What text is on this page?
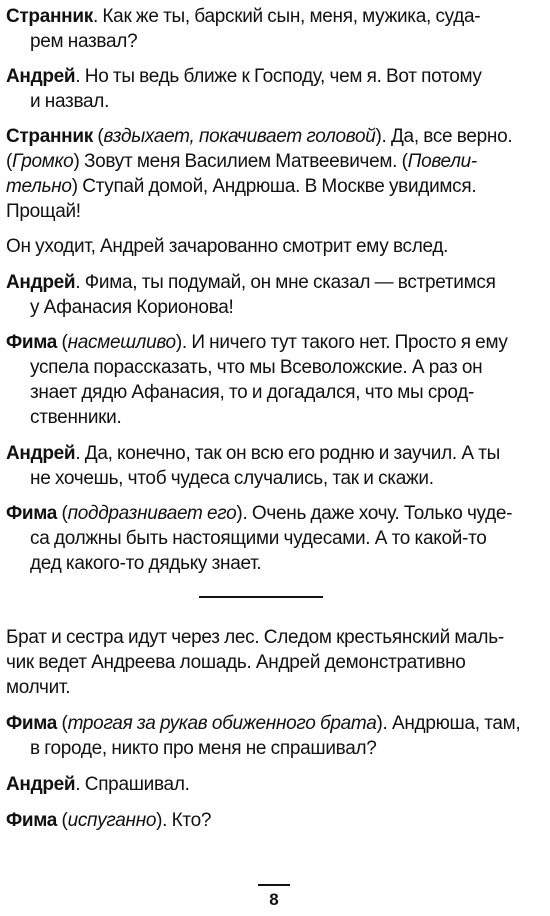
Странник. Как же ты, барский сын, меня, мужика, суда-
рем назвал?
Андрей. Но ты ведь ближе к Господу, чем я. Вот потому
и назвал.
Странник (вздыхает, покачивает головой). Да, все верно.
(Громко) Зовут меня Василием Матвеевичем. (Повели-
тельно) Ступай домой, Андрюша. В Москве увидимся.
Прощай!
Он уходит, Андрей зачарованно смотрит ему вслед.
Андрей. Фима, ты подумай, он мне сказал — встретимся
у Афанасия Корионова!
Фима (насмешливо). И ничего тут такого нет. Просто я ему
успела порассказать, что мы Всеволожские. А раз он
знает дядю Афанасия, то и догадался, что мы срод-
ственники.
Андрей. Да, конечно, так он всю его родню и заучил. А ты
не хочешь, чтоб чудеса случались, так и скажи.
Фима (поддразнивает его). Очень даже хочу. Только чуде-
са должны быть настоящими чудесами. А то какой-то
дед какого-то дядьку знает.
Брат и сестра идут через лес. Следом крестьянский маль-
чик ведет Андреева лошадь. Андрей демонстративно
молчит.
Фима (трогая за рукав обиженного брата). Андрюша, там,
в городе, никто про меня не спрашивал?
Андрей. Спрашивал.
Фима (испуганно). Кто?
8
